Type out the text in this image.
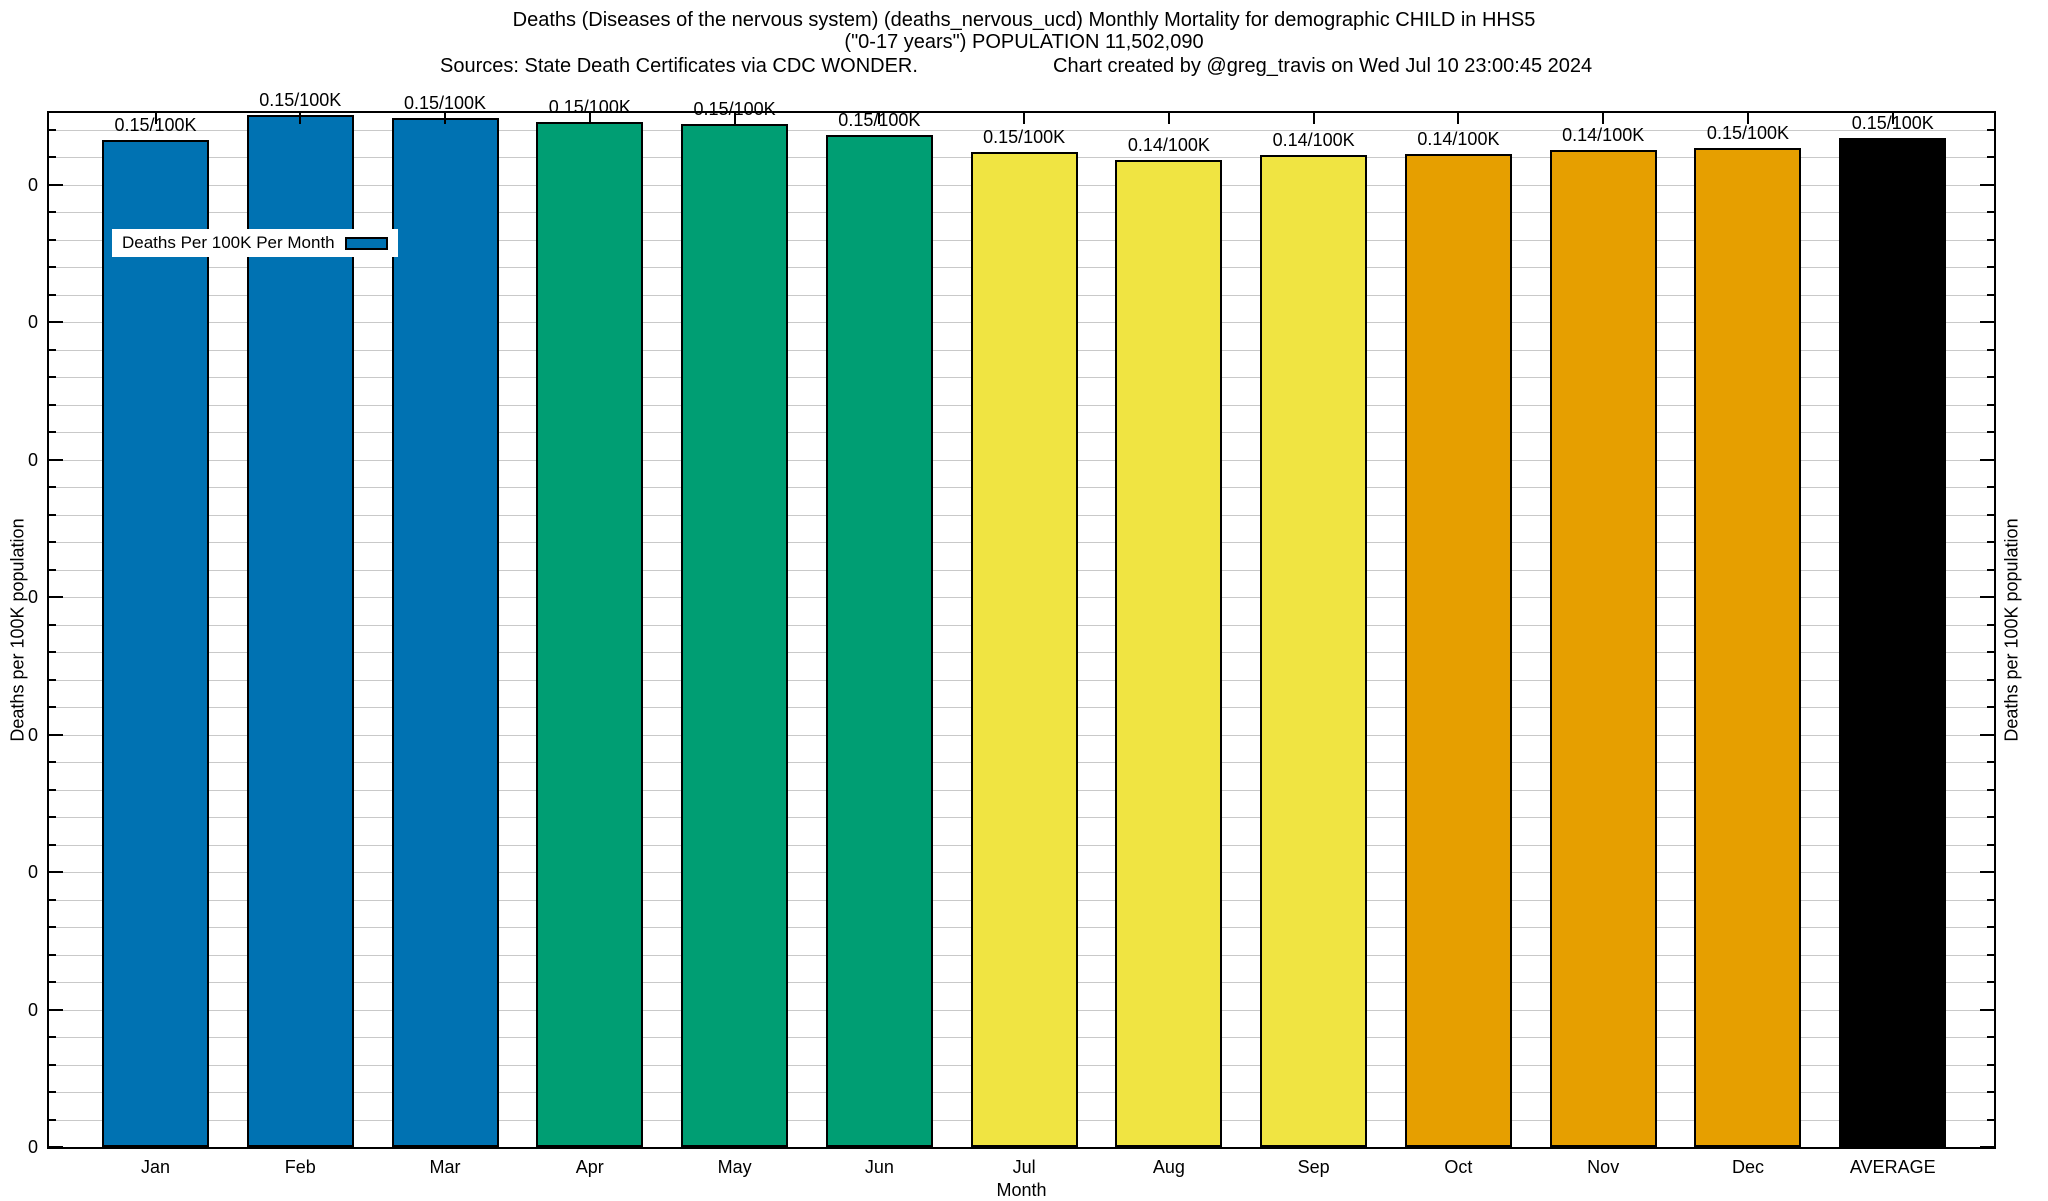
Deaths (Diseases of the nervous system) (deaths_nervous_ucd) Monthly Mortality for demographic CHILD in HHS5
("0-17 years") POPULATION 11,502,090
Sources: State Death Certificates via CDC WONDER.	Chart created by @greg_travis on Wed Jul 10 23:00:45 2024
Deaths Per 100K Per Month
Deaths per 100K population	Deaths per 100K population
Month
0
0
0
0
0
0
0
0
0.15/100K
Jan
0.15/100K
Feb
0.15/100K
Mar
0.15/100K
Apr
0.15/100K
May
0.15/100K
Jun
0.15/100K
Jul
0.14/100K
Aug
0.14/100K
Sep
0.14/100K
Oct
0.14/100K
Nov
0.15/100K
Dec
0.15/100K
AVERAGE
